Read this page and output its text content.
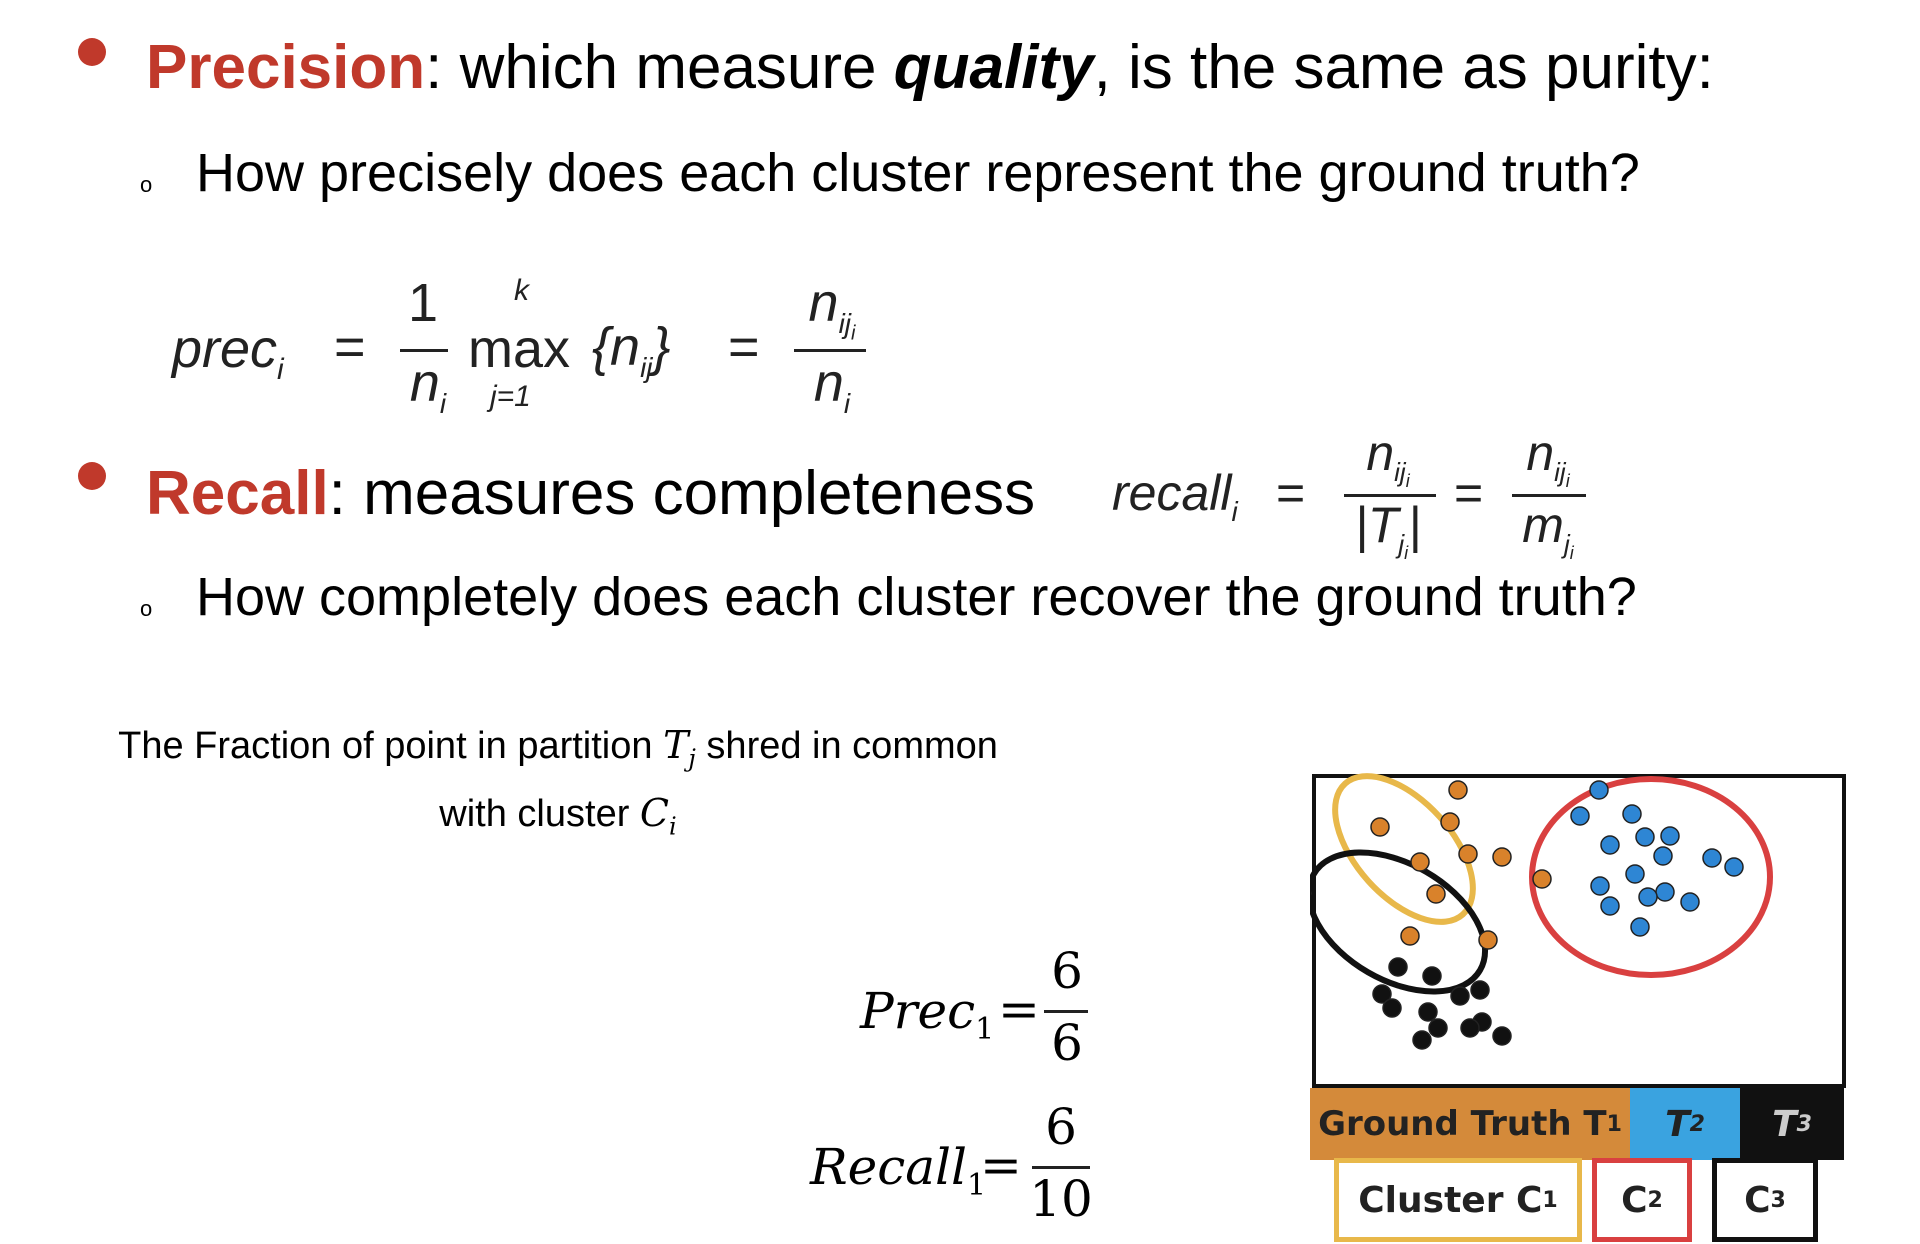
Precision: which measure quality, is the same as purity:
o How precisely does each cluster represent the ground truth?
prec$_i$ =
1
$n_i$
k
max
j=1
$\{n_{ij}\}$ =
$n_{ij_i}$
$n_i$
Recall: measures completeness recall$_i$ =
$n_{ij_i}$
$|T_{j_i}|$
=
$n_{ij_i}$
$m_{j_i}$
o How completely does each cluster recover the ground truth?
The Fraction of point in partition $T_j$ shred in common
with cluster $C_i$
Prec$_1$ =
6
6
Recall$_1$
=
6
10
Ground Truth T 1 T 2 T 3
Cluster C 1 C 2 C 3
